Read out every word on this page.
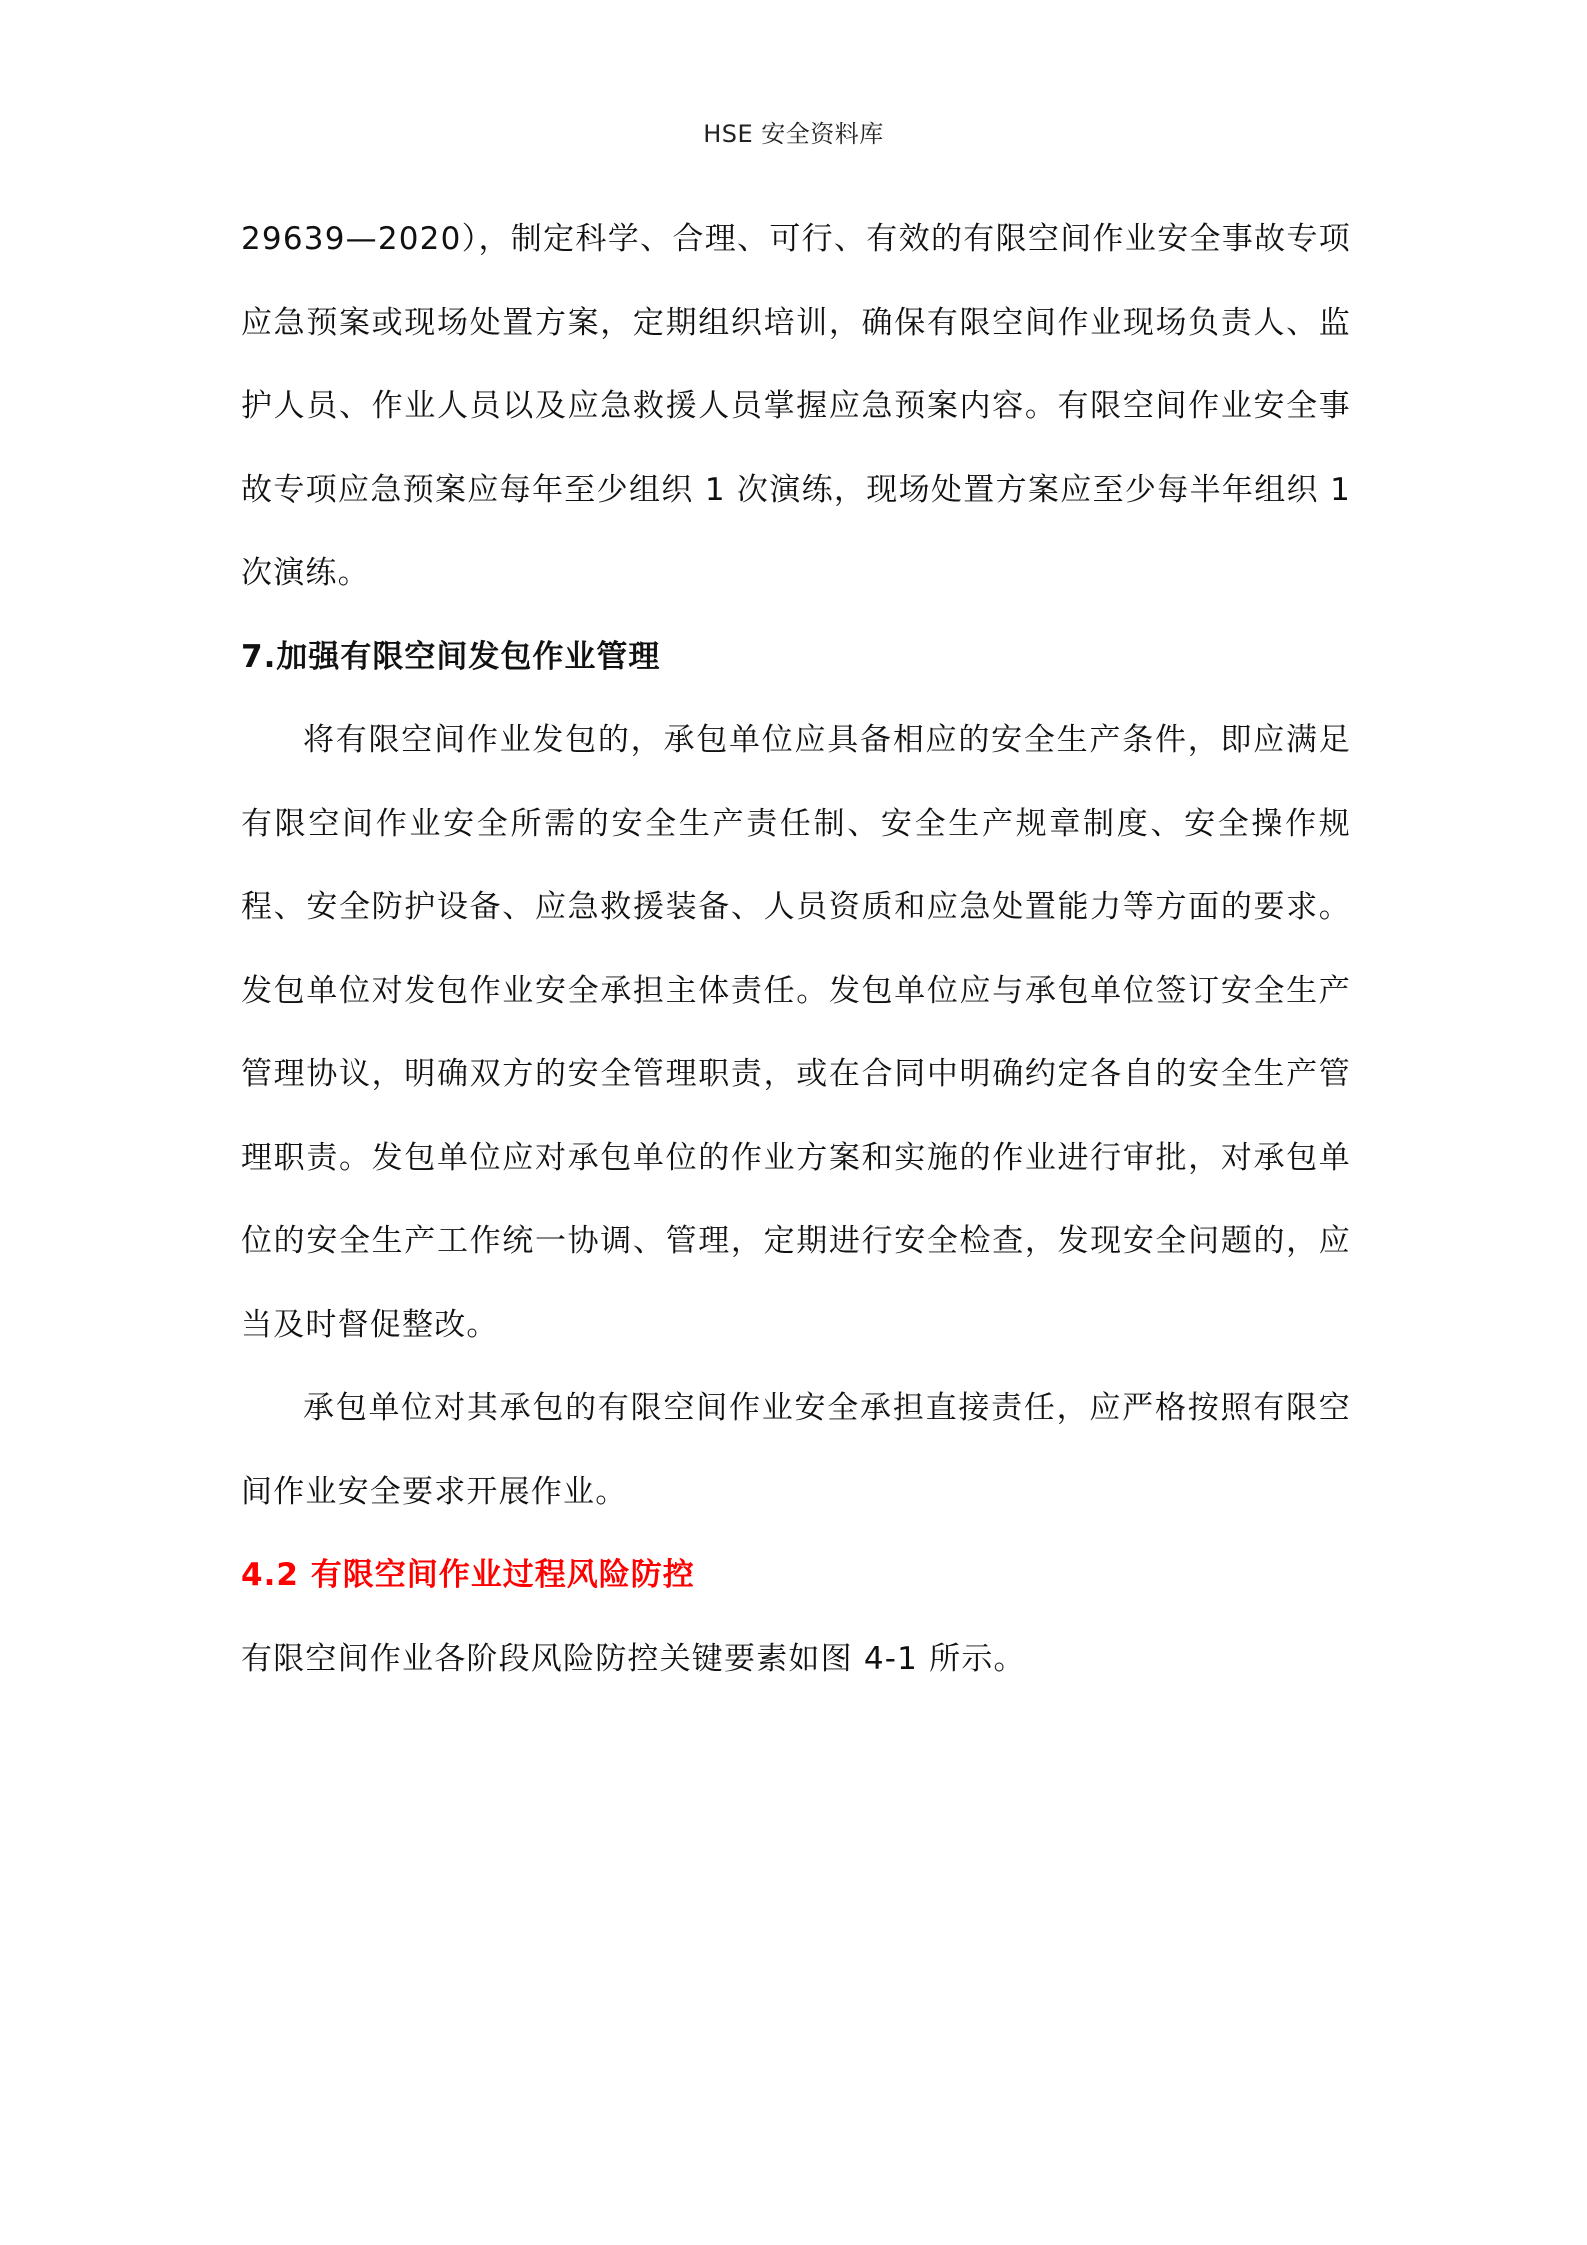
HSE 安全资料库

29639—2020），制定科学、合理、可行、有效的有限空间作业安全事故专项应急预案或现场处置方案，定期组织培训，确保有限空间作业现场负责人、监护人员、作业人员以及应急救援人员掌握应急预案内容。有限空间作业安全事故专项应急预案应每年至少组织 1 次演练，现场处置方案应至少每半年组织 1 次演练。

7.加强有限空间发包作业管理

将有限空间作业发包的，承包单位应具备相应的安全生产条件，即应满足有限空间作业安全所需的安全生产责任制、安全生产规章制度、安全操作规程、安全防护设备、应急救援装备、人员资质和应急处置能力等方面的要求。发包单位对发包作业安全承担主体责任。发包单位应与承包单位签订安全生产管理协议，明确双方的安全管理职责，或在合同中明确约定各自的安全生产管理职责。发包单位应对承包单位的作业方案和实施的作业进行审批，对承包单位的安全生产工作统一协调、管理，定期进行安全检查，发现安全问题的，应当及时督促整改。

承包单位对其承包的有限空间作业安全承担直接责任，应严格按照有限空间作业安全要求开展作业。

4.2 有限空间作业过程风险防控

有限空间作业各阶段风险防控关键要素如图 4-1 所示。
